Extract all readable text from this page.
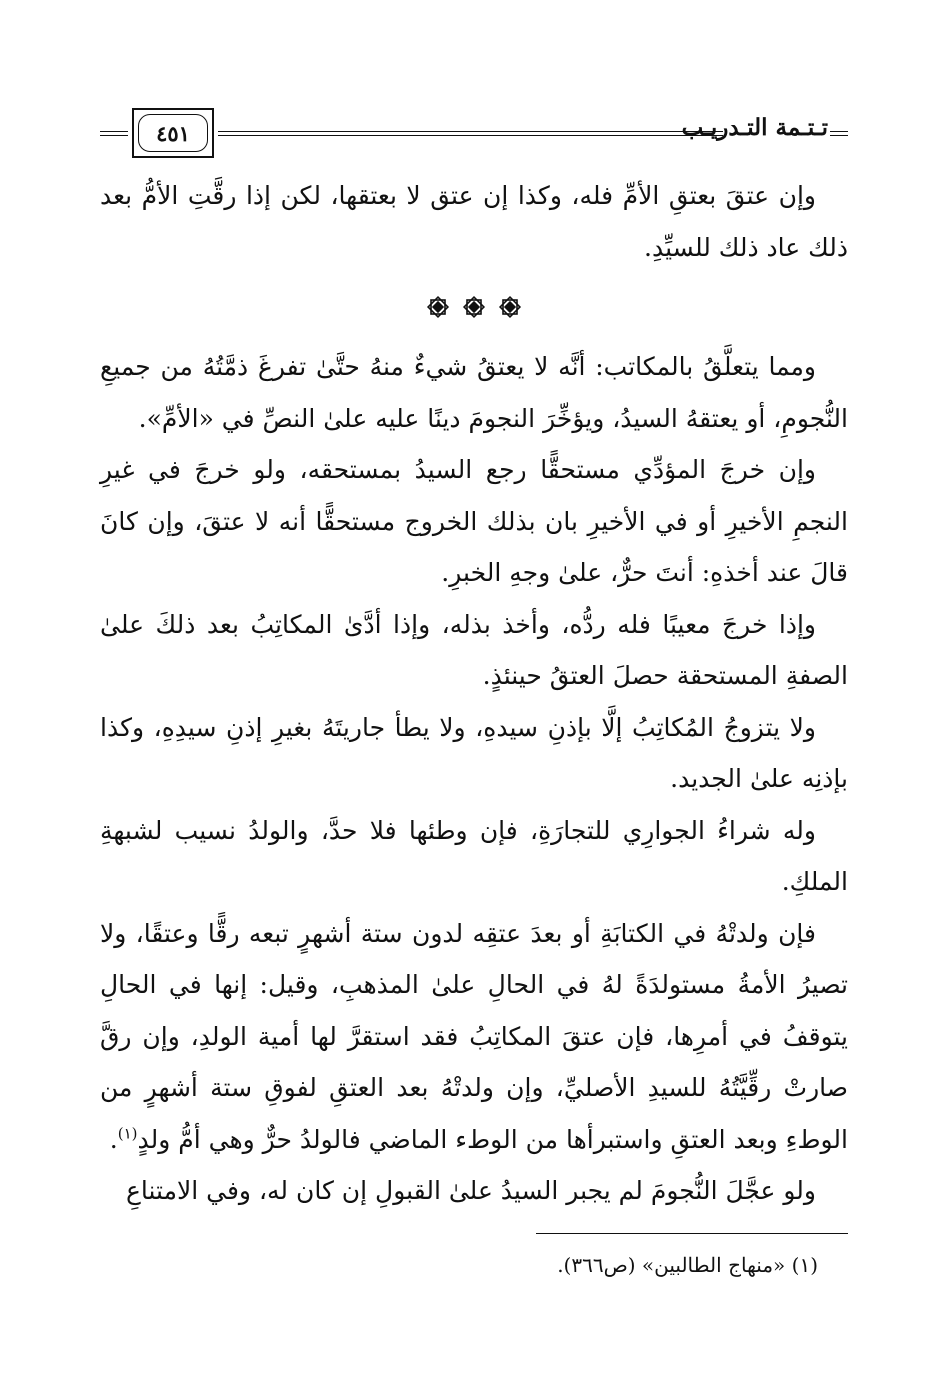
٤٥١	تـتـمة التـدريـب

وإن عتقَ بعتقِ الأمِّ فله، وكذا إن عتق لا بعتقها، لكن إذا رقَّتِ الأمُّ بعد ذلك عاد ذلك للسيِّدِ.

ومما يتعلَّقُ بالمكاتب: أنَّه لا يعتقُ شيءٌ منهُ حتَّىٰ تفرغَ ذمَّتُهُ من جميعِ النُّجومِ، أو يعتقهُ السيدُ، ويؤخِّرَ النجومَ دينًا عليه علىٰ النصِّ في «الأمِّ».

وإن خرجَ المؤدِّي مستحقًّا رجع السيدُ بمستحقه، ولو خرجَ في غيرِ النجمِ الأخيرِ أو في الأخيرِ بان بذلك الخروج مستحقًّا أنه لا عتقَ، وإن كانَ قالَ عند أخذهِ: أنتَ حرٌّ، علىٰ وجهِ الخبرِ.

وإذا خرجَ معيبًا فله ردُّه، وأخذ بذله، وإذا أدَّىٰ المكاتِبُ بعد ذلكَ علىٰ الصفةِ المستحقة حصلَ العتقُ حينئذٍ.

ولا يتزوجُ المُكاتِبُ إلَّا بإذنِ سيدهِ، ولا يطأ جاريتَهُ بغيرِ إذنِ سيدِهِ، وكذا بإذنِه علىٰ الجديد.

وله شراءُ الجوارِي للتجارَةِ، فإن وطئها فلا حدَّ، والولدُ نسيب لشبهةِ الملكِ.

فإن ولدتْهُ في الكتابَةِ أو بعدَ عتقِه لدون ستة أشهرٍ تبعه رقًّا وعتقًا، ولا تصيرُ الأمةُ مستولدَةً لهُ في الحالِ علىٰ المذهبِ، وقيل: إنها في الحالِ يتوقفُ في أمرِها، فإن عتقَ المكاتِبُ فقد استقرَّ لها أمية الولدِ، وإن رقَّ صارتْ رقِّيَّتُهُ للسيدِ الأصليِّ، وإن ولدتْهُ بعد العتقِ لفوقِ ستة أشهرٍ من الوطءِ وبعد العتقِ واستبرأها من الوطء الماضي فالولدُ حرٌّ وهي أمُّ ولدٍ$^{(١)}$.

ولو عجَّلَ النُّجومَ لم يجبر السيدُ علىٰ القبولِ إن كان له، وفي الامتناعِ

(١) «منهاج الطالبين» (ص٣٦٦).
